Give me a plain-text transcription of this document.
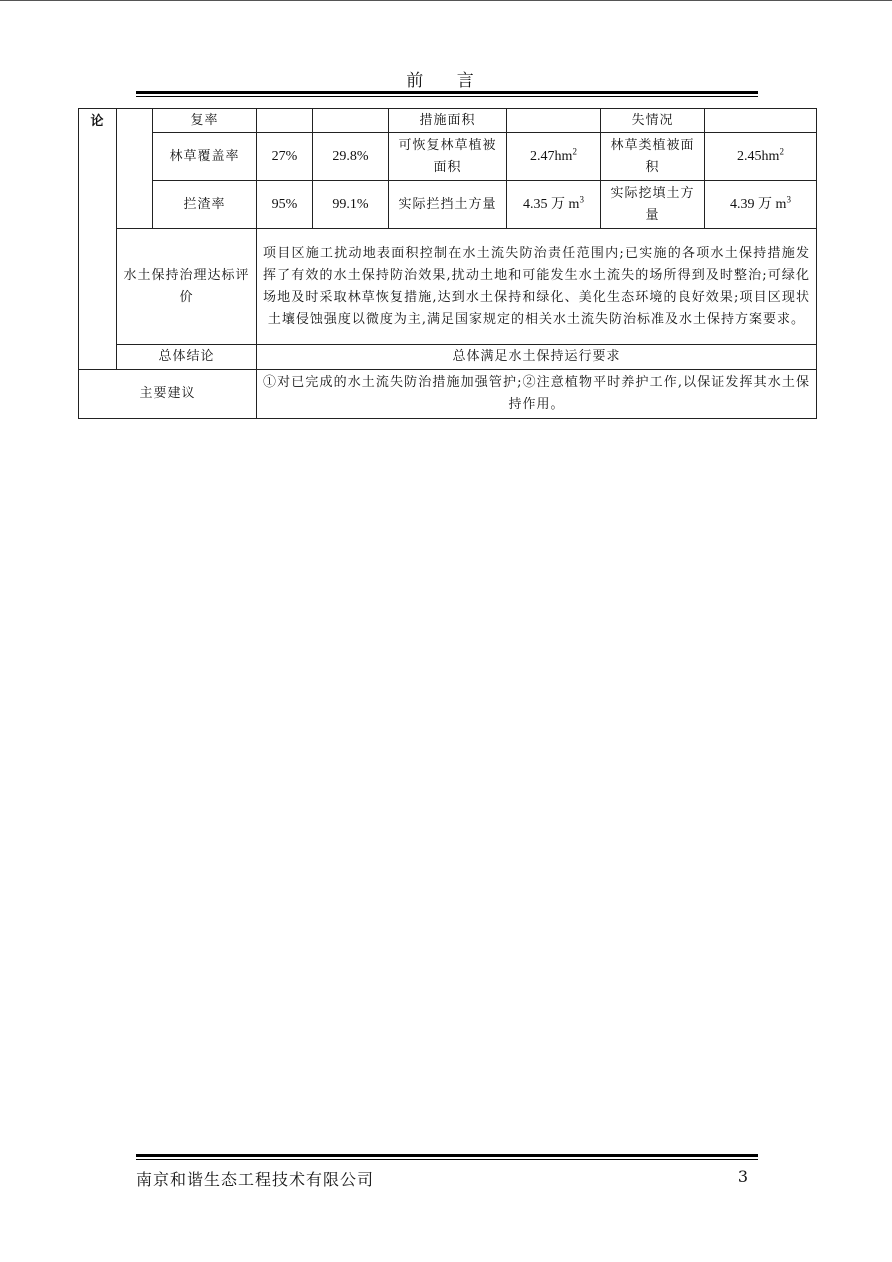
前 言
论		复率			措施面积		失情况	
		林草覆盖率	27%	29.8%	可恢复林草植被面积	$2.47hm^2$	林草类植被面积	$2.45hm^2$
		拦渣率	95%	99.1%	实际拦挡土方量	4.35 万 $m^3$	实际挖填土方量	4.39 万 $m^3$
	水土保持治理达标评价		项目区施工扰动地表面积控制在水土流失防治责任范围内;已实施的各项水土保持措施发挥了有效的水土保持防治效果,扰动土地和可能发生水土流失的场所得到及时整治;可绿化场地及时采取林草恢复措施,达到水土保持和绿化、美化生态环境的良好效果;项目区现状土壤侵蚀强度以微度为主,满足国家规定的相关水土流失防治标准及水土保持方案要求。					
	总体结论		总体满足水土保持运行要求					
主要建议			①对已完成的水土流失防治措施加强管护;②注意植物平时养护工作,以保证发挥其水土保持作用。					
南京和谐生态工程技术有限公司	3
